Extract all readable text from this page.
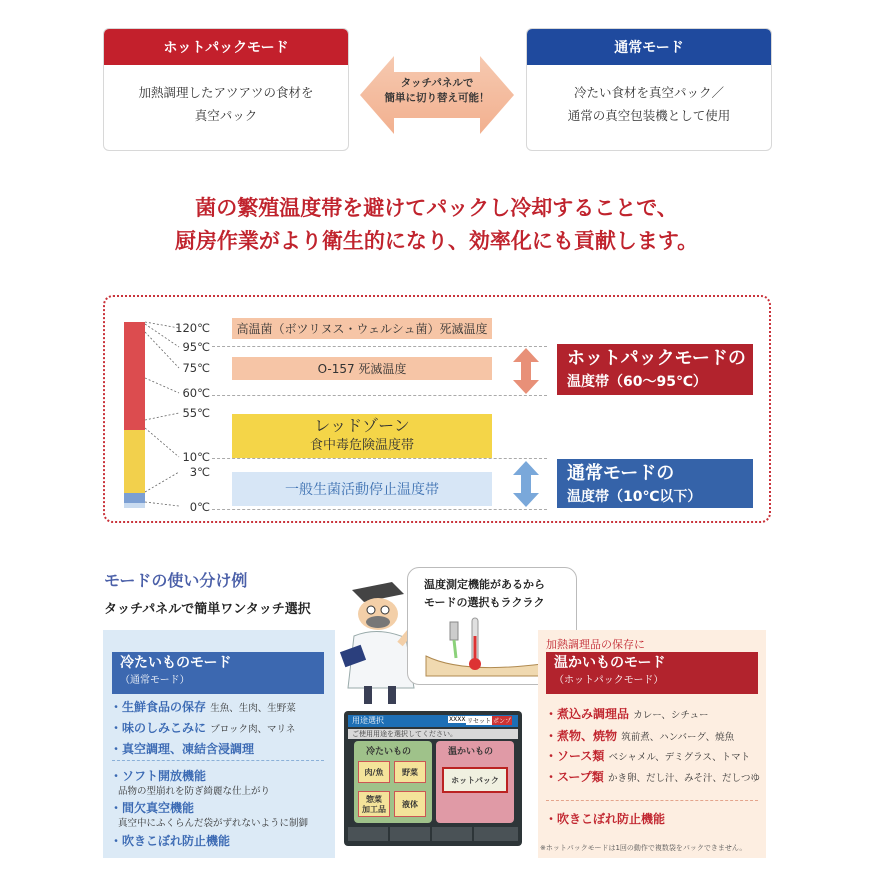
ホットパックモード
加熱調理したアツアツの食材を
真空パック
タッチパネルで
簡単に切り替え可能！
通常モード
冷たい食材を真空パック／
通常の真空包装機として使用
菌の繁殖温度帯を避けてパックし冷却することで、
厨房作業がより衛生的になり、効率化にも貢献します。
120℃
95℃
75℃
60℃
55℃
10℃
3℃
0℃
高温菌（ボツリヌス・ウェルシュ菌）死滅温度
O-157 死滅温度
レッドゾーン
食中毒危険温度帯
一般生菌活動停止温度帯
ホットパックモードの
温度帯（60〜95℃）
通常モードの
温度帯（10℃以下）
モードの使い分け例
タッチパネルで簡単ワンタッチ選択
温度測定機能があるから
モードの選択もラクラク
冷たいものモード
（通常モード）
・生鮮食品の保存 生魚、生肉、生野菜
・味のしみこみに ブロック肉、マリネ
・真空調理、凍結含浸調理
・ソフト開放機能
品物の型崩れを防ぎ綺麗な仕上がり
・間欠真空機能
真空中にふくらんだ袋がずれないように制御
・吹きこぼれ防止機能
用途選択	XXXX リセット ポンプ
ご使用用途を選択してください。
冷たいもの
肉/魚	野菜
惣菜
加工品
液体
温かいもの
ホットパック
加熱調理品の保存に
温かいものモード
（ホットパックモード）
・煮込み調理品 カレー、シチュー
・煮物、焼物 筑前煮、ハンバーグ、焼魚
・ソース類 ベシャメル、デミグラス、トマト
・スープ類 かき卵、だし汁、みそ汁、だしつゆ
・吹きこぼれ防止機能
※ホットパックモードは1回の動作で複数袋をパックできません。
